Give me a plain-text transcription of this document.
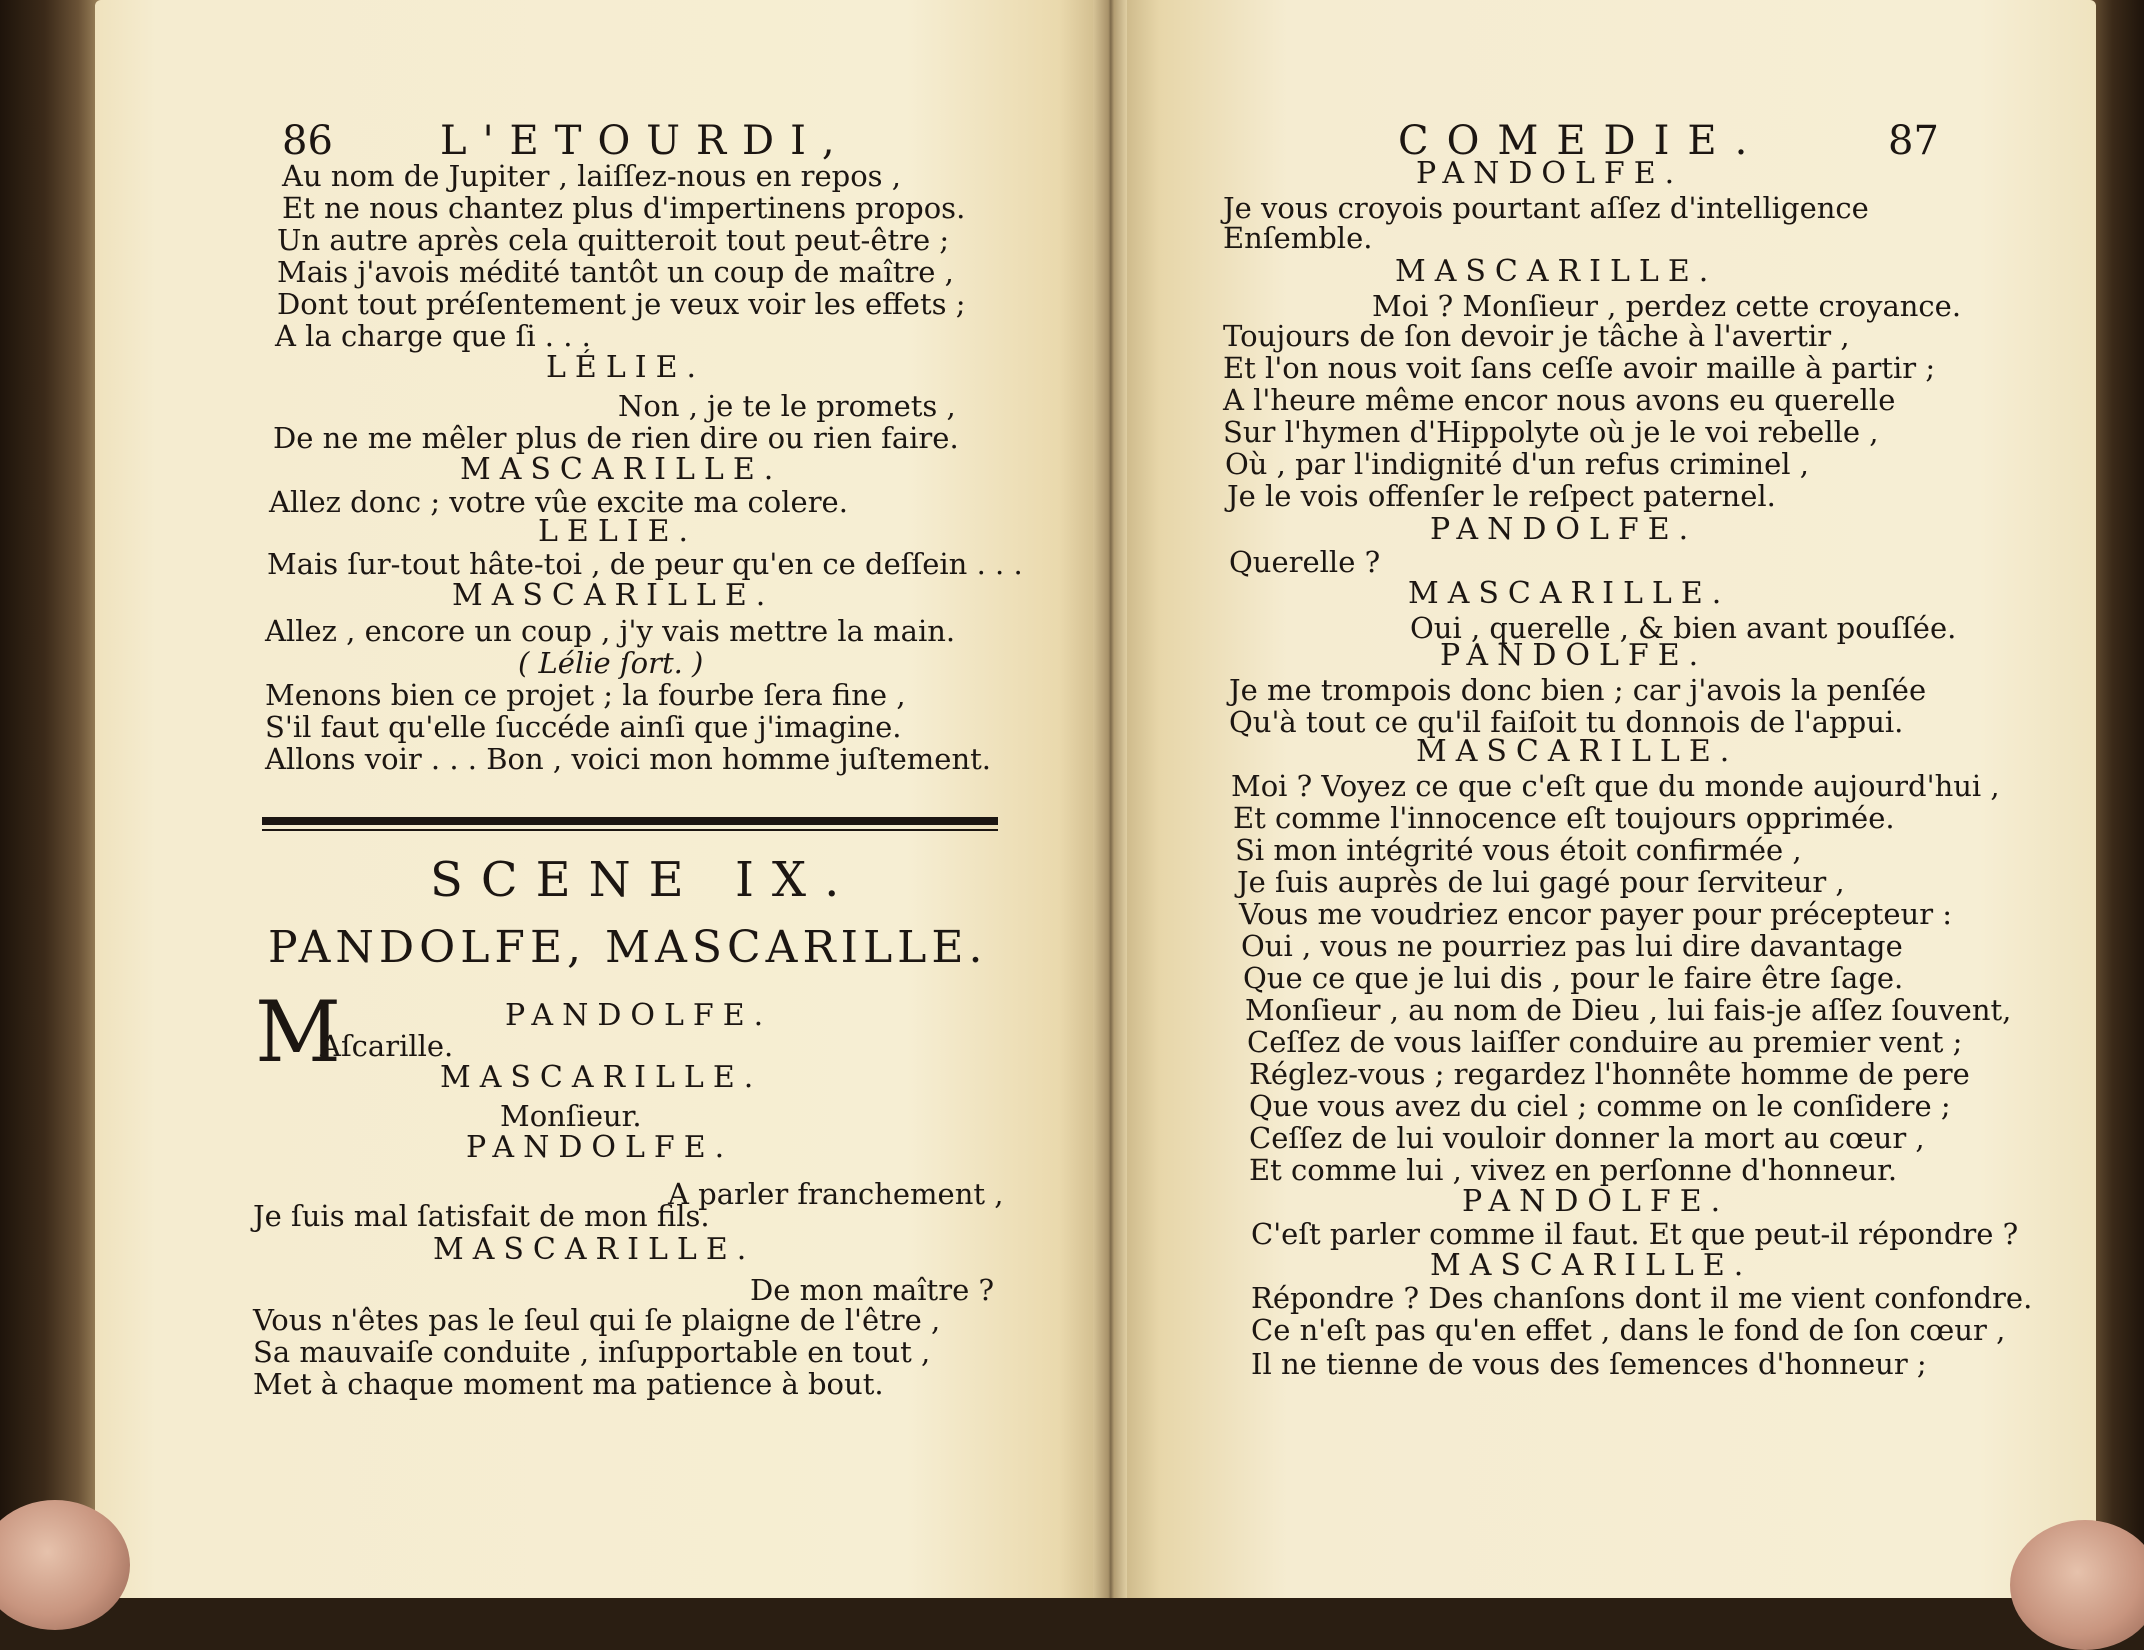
86	L'ETOURDI,

Au nom de Jupiter , laiſſez-nous en repos ,

Et ne nous chantez plus d'impertinens propos.

Un autre après cela quitteroit tout peut-être ;

Mais j'avois médité tantôt un coup de maître ,

Dont tout préſentement je veux voir les effets ;

A la charge que ſi . . .

LÉLIE.

Non , je te le promets ,

De ne me mêler plus de rien dire ou rien faire.

MASCARILLE.

Allez donc ; votre vûe excite ma colere.

LELIE.

Mais ſur-tout hâte-toi , de peur qu'en ce deſſein . . .

MASCARILLE.

Allez , encore un coup , j'y vais mettre la main.

( Lélie ſort. )

Menons bien ce projet ; la fourbe ſera fine ,

S'il faut qu'elle ſuccéde ainſi que j'imagine.

Allons voir . . . Bon , voici mon homme juſtement.

SCENE IX.
PANDOLFE, MASCARILLE.
M	PANDOLFE.

Aſcarille.

MASCARILLE.

Monſieur.

PANDOLFE.

A parler franchement ,

Je ſuis mal ſatisfait de mon fils.

MASCARILLE.

De mon maître ?

Vous n'êtes pas le ſeul qui ſe plaigne de l'être ,

Sa mauvaiſe conduite , inſupportable en tout ,

Met à chaque moment ma patience à bout.

COMEDIE.	87

PANDOLFE.

Je vous croyois pourtant aſſez d'intelligence

Enſemble.

MASCARILLE.

Moi ? Monſieur , perdez cette croyance.

Toujours de ſon devoir je tâche à l'avertir ,

Et l'on nous voit ſans ceſſe avoir maille à partir ;

A l'heure même encor nous avons eu querelle

Sur l'hymen d'Hippolyte où je le voi rebelle ,

Où , par l'indignité d'un refus criminel ,

Je le vois offenſer le reſpect paternel.

PANDOLFE.

Querelle ?

MASCARILLE.

Oui , querelle , & bien avant pouſſée.

PANDOLFE.

Je me trompois donc bien ; car j'avois la penſée

Qu'à tout ce qu'il faiſoit tu donnois de l'appui.

MASCARILLE.

Moi ? Voyez ce que c'eſt que du monde aujourd'hui ,

Et comme l'innocence eſt toujours opprimée.

Si mon intégrité vous étoit confirmée ,

Je ſuis auprès de lui gagé pour ſerviteur ,

Vous me voudriez encor payer pour précepteur :

Oui , vous ne pourriez pas lui dire davantage

Que ce que je lui dis , pour le faire être ſage.

Monſieur , au nom de Dieu , lui fais-je aſſez ſouvent,

Ceſſez de vous laiſſer conduire au premier vent ;

Réglez-vous ; regardez l'honnête homme de pere

Que vous avez du ciel ; comme on le conſidere ;

Ceſſez de lui vouloir donner la mort au cœur ,

Et comme lui , vivez en perſonne d'honneur.

PANDOLFE.

C'eſt parler comme il faut. Et que peut-il répondre ?

MASCARILLE.

Répondre ? Des chanſons dont il me vient confondre.

Ce n'eſt pas qu'en effet , dans le fond de ſon cœur ,

Il ne tienne de vous des ſemences d'honneur ;
